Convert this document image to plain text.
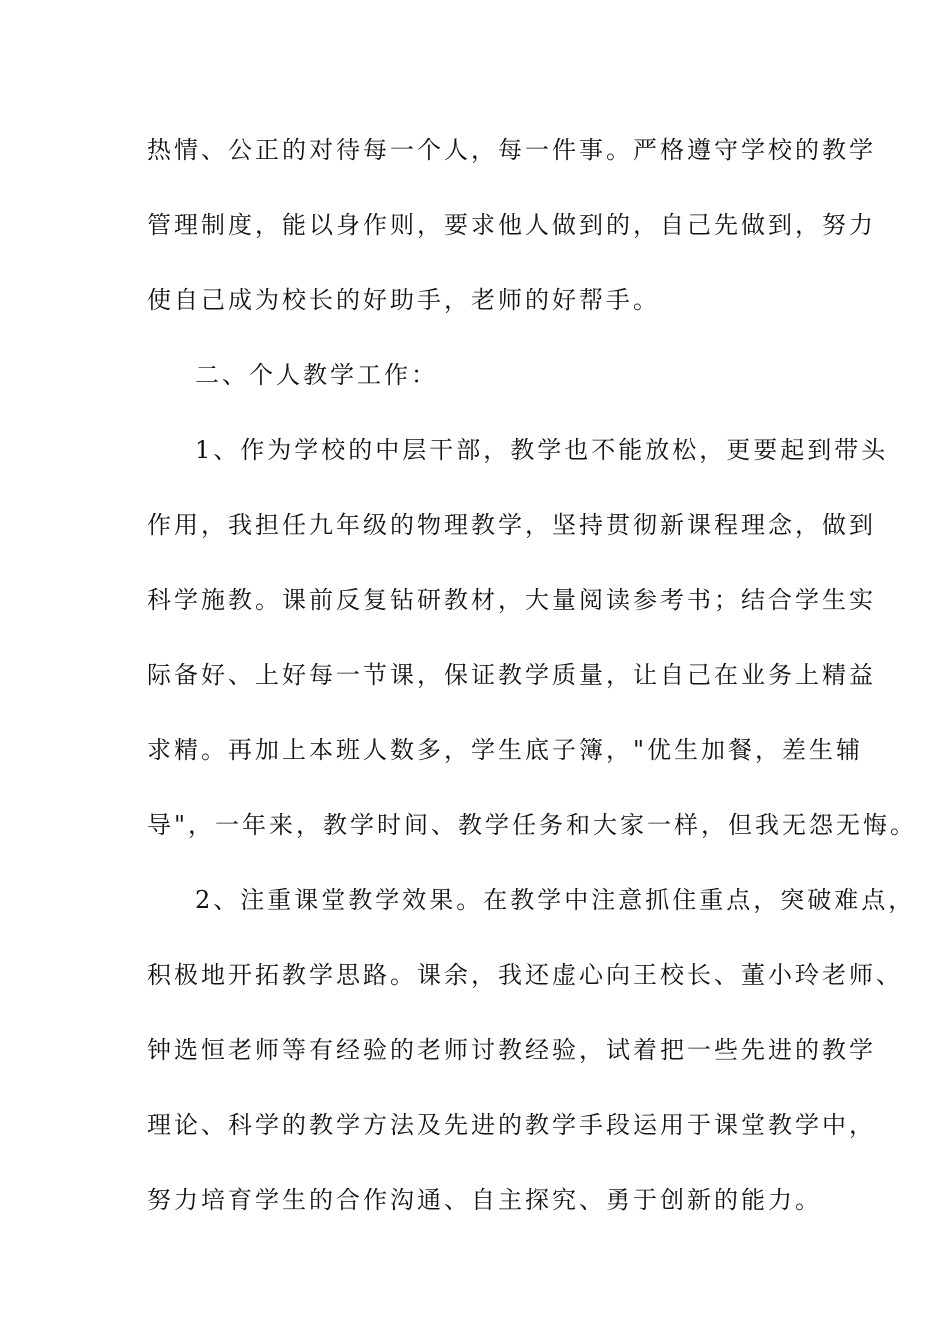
热情、公正的对待每一个人，每一件事。严格遵守学校的教学
管理制度，能以身作则，要求他人做到的，自己先做到，努力
使自己成为校长的好助手，老师的好帮手。
二、个人教学工作：
1、作为学校的中层干部，教学也不能放松，更要起到带头
作用，我担任九年级的物理教学，坚持贯彻新课程理念，做到
科学施教。课前反复钻研教材，大量阅读参考书；结合学生实
际备好、上好每一节课，保证教学质量，让自己在业务上精益
求精。再加上本班人数多，学生底子簿，"优生加餐，差生辅
导"，一年来，教学时间、教学任务和大家一样，但我无怨无悔。
2、注重课堂教学效果。在教学中注意抓住重点，突破难点，
积极地开拓教学思路。课余，我还虚心向王校长、董小玲老师、
钟选恒老师等有经验的老师讨教经验，试着把一些先进的教学
理论、科学的教学方法及先进的教学手段运用于课堂教学中，
努力培育学生的合作沟通、自主探究、勇于创新的能力。
